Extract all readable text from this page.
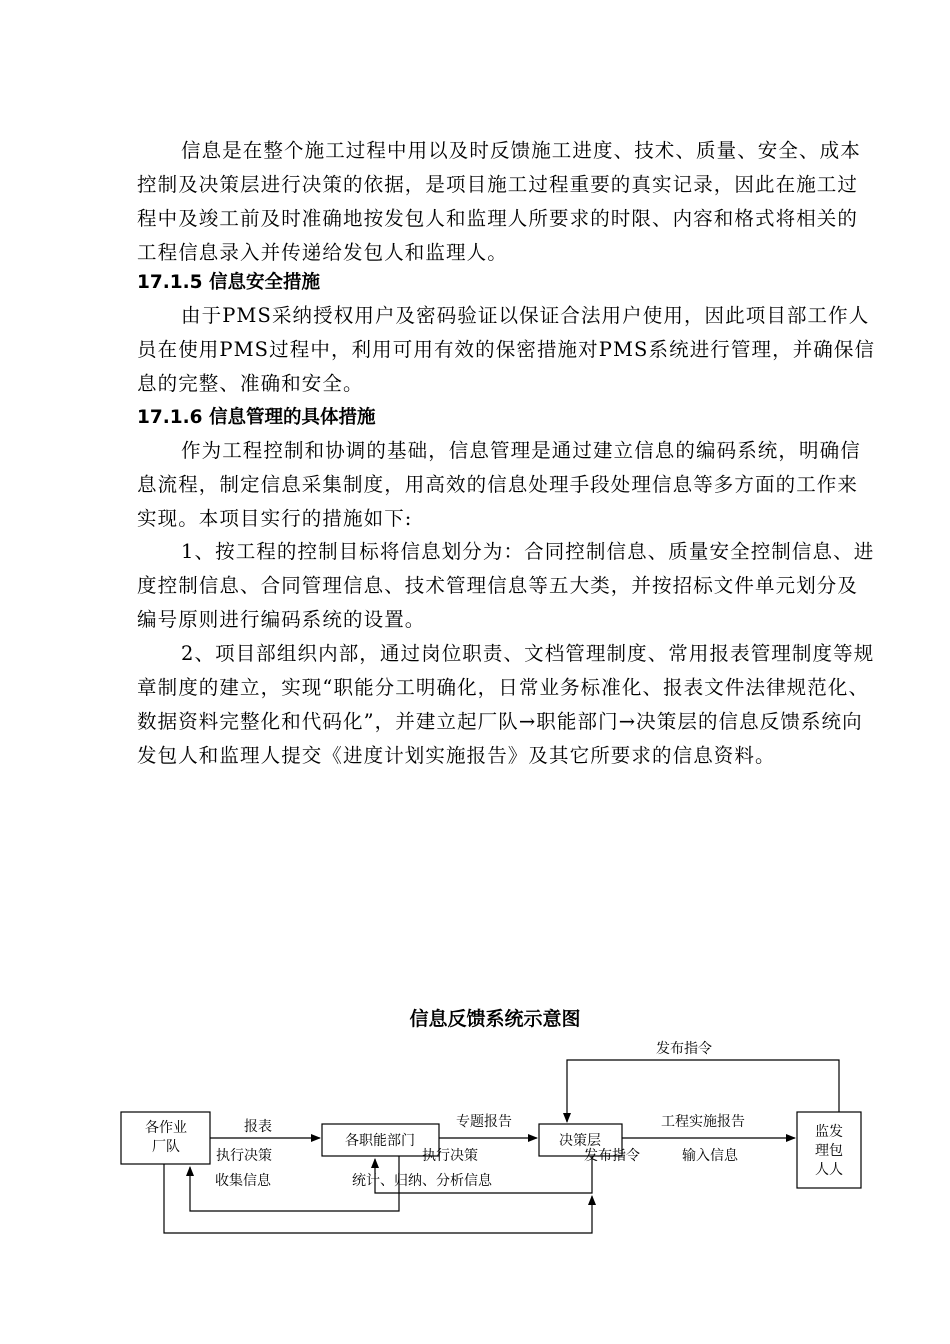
信息是在整个施工过程中用以及时反馈施工进度、技术、质量、安全、成本控制及决策层进行决策的依据，是项目施工过程重要的真实记录，因此在施工过程中及竣工前及时准确地按发包人和监理人所要求的时限、内容和格式将相关的工程信息录入并传递给发包人和监理人。

17.1.5 信息安全措施

由于PMS采纳授权用户及密码验证以保证合法用户使用，因此项目部工作人员在使用PMS过程中，利用可用有效的保密措施对PMS系统进行管理，并确保信息的完整、准确和安全。

17.1.6 信息管理的具体措施

作为工程控制和协调的基础，信息管理是通过建立信息的编码系统，明确信息流程，制定信息采集制度，用高效的信息处理手段处理信息等多方面的工作来实现。本项目实行的措施如下:

1、按工程的控制目标将信息划分为：合同控制信息、质量安全控制信息、进度控制信息、合同管理信息、技术管理信息等五大类，并按招标文件单元划分及编号原则进行编码系统的设置。

2、项目部组织内部，通过岗位职责、文档管理制度、常用报表管理制度等规章制度的建立，实现“职能分工明确化，日常业务标准化、报表文件法律规范化、数据资料完整化和代码化”，并建立起厂队→职能部门→决策层的信息反馈系统向发包人和监理人提交《进度计划实施报告》及其它所要求的信息资料。

信息反馈系统示意图
各作业
厂队	各职能部门	决策层
监发
理包
人人
发布指令
报表
执行决策
收集信息
专题报告
执行决策
统计、归纳、分析信息
发布指令
工程实施报告
输入信息
